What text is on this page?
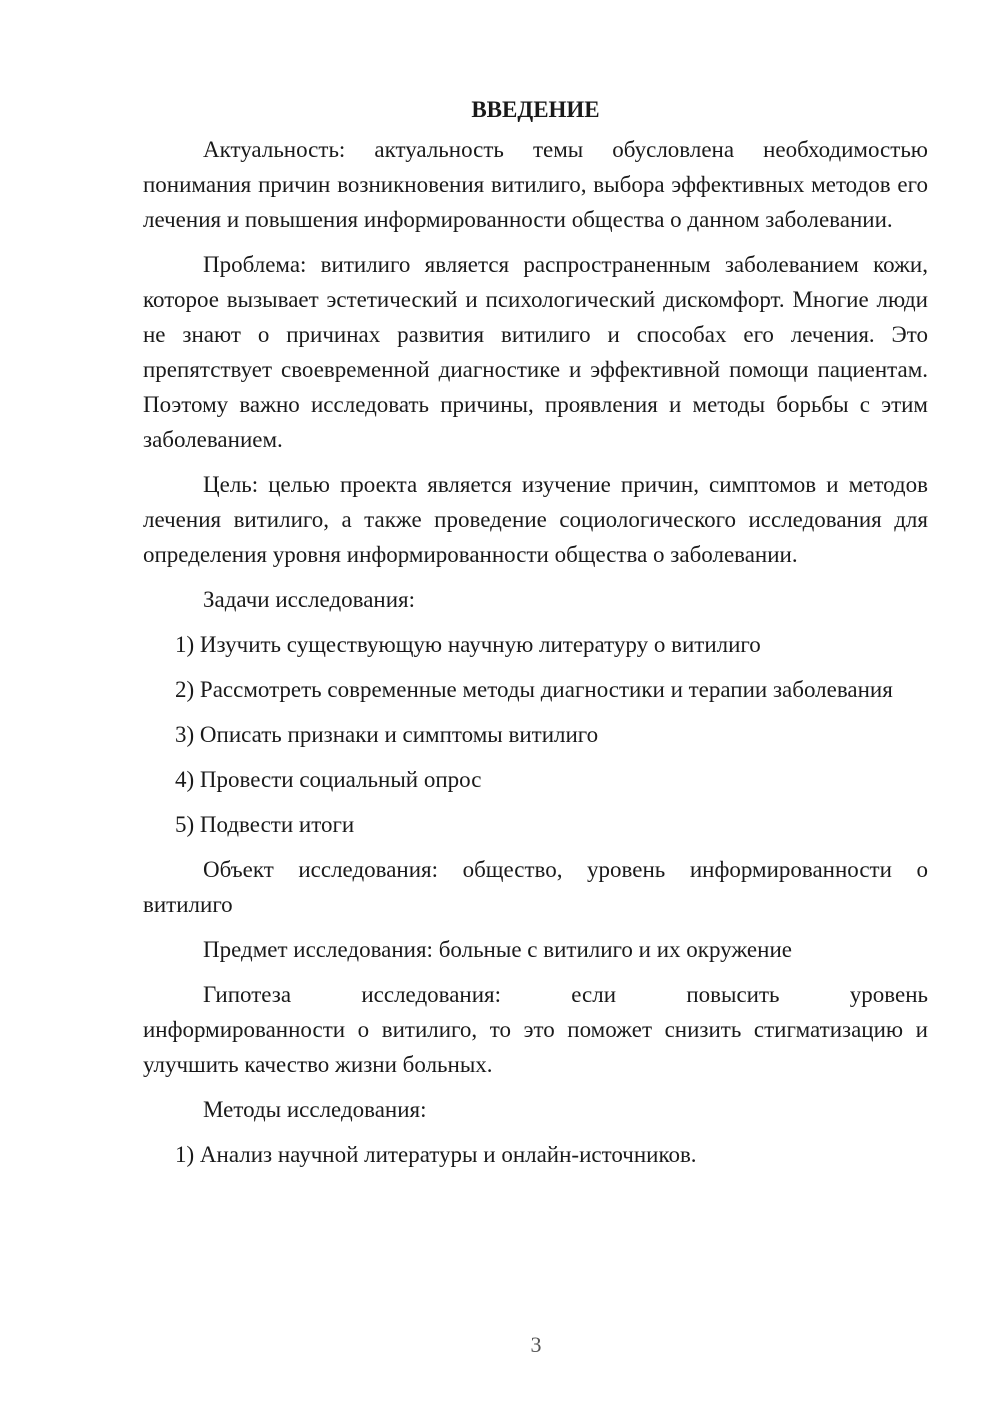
ВВЕДЕНИЕ

Актуальность: актуальность темы обусловлена необходимостью понимания причин возникновения витилиго, выбора эффективных методов его лечения и повышения информированности общества о данном заболевании.

Проблема: витилиго является распространенным заболеванием кожи, которое вызывает эстетический и психологический дискомфорт. Многие люди не знают о причинах развития витилиго и способах его лечения. Это препятствует своевременной диагностике и эффективной помощи пациентам. Поэтому важно исследовать причины, проявления и методы борьбы с этим заболеванием.

Цель: целью проекта является изучение причин, симптомов и методов лечения витилиго, а также проведение социологического исследования для определения уровня информированности общества о заболевании.

Задачи исследования:

1) Изучить существующую научную литературу о витилиго

2) Рассмотреть современные методы диагностики и терапии заболевания

3) Описать признаки и симптомы витилиго

4) Провести социальный опрос

5) Подвести итоги

Объект исследования: общество, уровень информированности о витилиго

Предмет исследования: больные с витилиго и их окружение

Гипотеза исследования: если повысить уровень
информированности о витилиго, то это поможет снизить стигматизацию и улучшить качество жизни больных.

Методы исследования:

1) Анализ научной литературы и онлайн-источников.

3
